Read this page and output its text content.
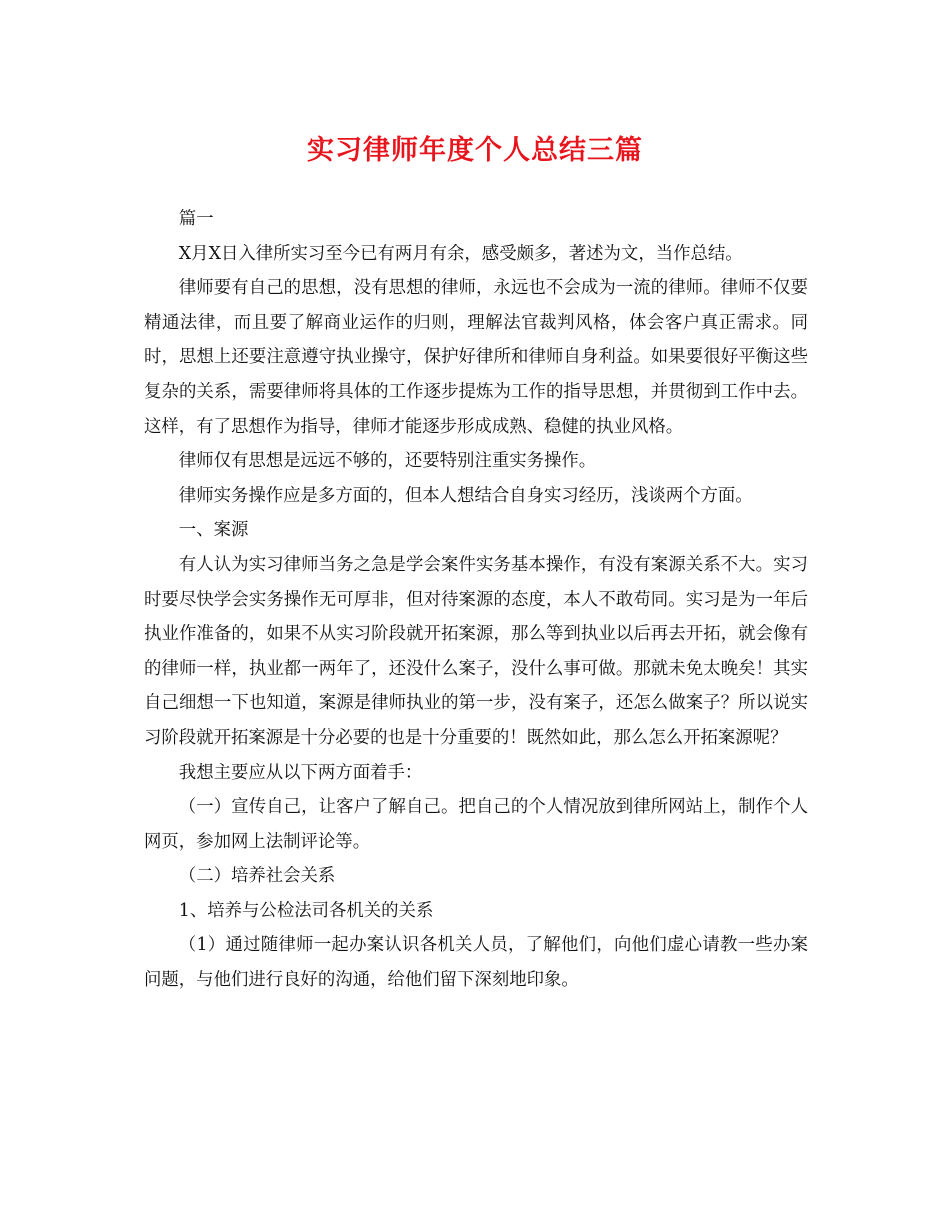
实习律师年度个人总结三篇

篇一

X月X日入律所实习至今已有两月有余，感受颇多，著述为文，当作总结。

律师要有自己的思想，没有思想的律师，永远也不会成为一流的律师。律师不仅要精通法律，而且要了解商业运作的归则，理解法官裁判风格，体会客户真正需求。同时，思想上还要注意遵守执业操守，保护好律所和律师自身利益。如果要很好平衡这些复杂的关系，需要律师将具体的工作逐步提炼为工作的指导思想，并贯彻到工作中去。这样，有了思想作为指导，律师才能逐步形成成熟、稳健的执业风格。

律师仅有思想是远远不够的，还要特别注重实务操作。

律师实务操作应是多方面的，但本人想结合自身实习经历，浅谈两个方面。

一、案源

有人认为实习律师当务之急是学会案件实务基本操作，有没有案源关系不大。实习时要尽快学会实务操作无可厚非，但对待案源的态度，本人不敢苟同。实习是为一年后执业作准备的，如果不从实习阶段就开拓案源，那么等到执业以后再去开拓，就会像有的律师一样，执业都一两年了，还没什么案子，没什么事可做。那就未免太晚矣！其实自己细想一下也知道，案源是律师执业的第一步，没有案子，还怎么做案子？所以说实习阶段就开拓案源是十分必要的也是十分重要的！既然如此，那么怎么开拓案源呢？

我想主要应从以下两方面着手：

（一）宣传自己，让客户了解自己。把自己的个人情况放到律所网站上，制作个人网页，参加网上法制评论等。

（二）培养社会关系

1、培养与公检法司各机关的关系

（1）通过随律师一起办案认识各机关人员，了解他们，向他们虚心请教一些办案问题，与他们进行良好的沟通，给他们留下深刻地印象。
